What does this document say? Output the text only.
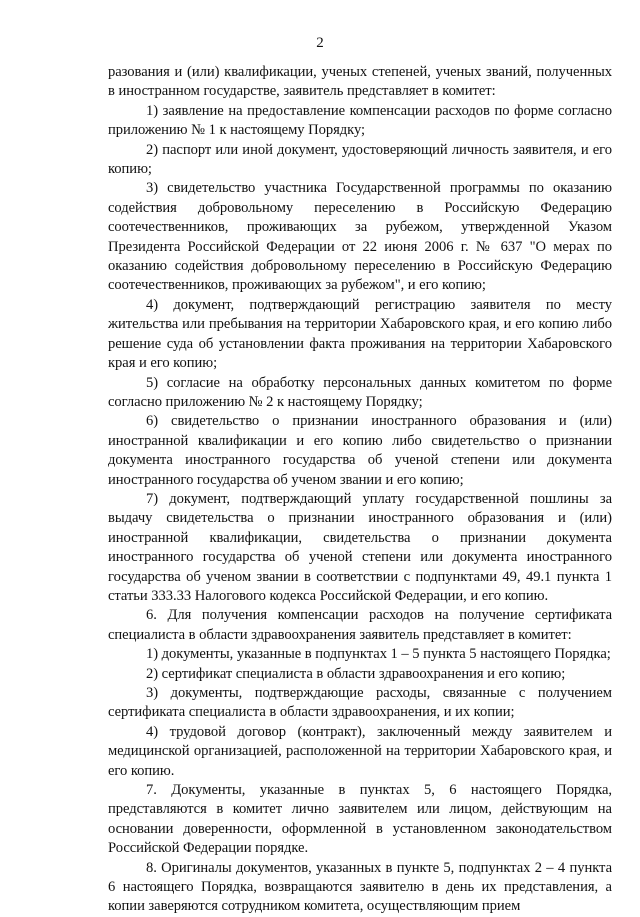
2

разования и (или) квалификации, ученых степеней, ученых званий, полученных в иностранном государстве, заявитель представляет в комитет:

1) заявление на предоставление компенсации расходов по форме согласно приложению № 1 к настоящему Порядку;

2) паспорт или иной документ, удостоверяющий личность заявителя, и его копию;

3) свидетельство участника Государственной программы по оказанию содействия добровольному переселению в Российскую Федерацию соотечественников, проживающих за рубежом, утвержденной Указом Президента Российской Федерации от 22 июня 2006 г. № 637 "О мерах по оказанию содействия добровольному переселению в Российскую Федерацию соотечественников, проживающих за рубежом", и его копию;

4) документ, подтверждающий регистрацию заявителя по месту жительства или пребывания на территории Хабаровского края, и его копию либо решение суда об установлении факта проживания на территории Хабаровского края и его копию;

5) согласие на обработку персональных данных комитетом по форме согласно приложению № 2 к настоящему Порядку;

6) свидетельство о признании иностранного образования и (или) иностранной квалификации и его копию либо свидетельство о признании документа иностранного государства об ученой степени или документа иностранного государства об ученом звании и его копию;

7) документ, подтверждающий уплату государственной пошлины за выдачу свидетельства о признании иностранного образования и (или) иностранной квалификации, свидетельства о признании документа иностранного государства об ученой степени или документа иностранного государства об ученом звании в соответствии с подпунктами 49, 49.1 пункта 1 статьи 333.33 Налогового кодекса Российской Федерации, и его копию.

6. Для получения компенсации расходов на получение сертификата специалиста в области здравоохранения заявитель представляет в комитет:

1) документы, указанные в подпунктах 1 – 5 пункта 5 настоящего Порядка;

2) сертификат специалиста в области здравоохранения и его копию;

3) документы, подтверждающие расходы, связанные с получением сертификата специалиста в области здравоохранения, и их копии;

4) трудовой договор (контракт), заключенный между заявителем и медицинской организацией, расположенной на территории Хабаровского края, и его копию.

7. Документы, указанные в пунктах 5, 6 настоящего Порядка, представляются в комитет лично заявителем или лицом, действующим на основании доверенности, оформленной в установленном законодательством Российской Федерации порядке.

8. Оригиналы документов, указанных в пункте 5, подпунктах 2 – 4 пункта 6 настоящего Порядка, возвращаются заявителю в день их представления, а копии заверяются сотрудником комитета, осуществляющим прием
